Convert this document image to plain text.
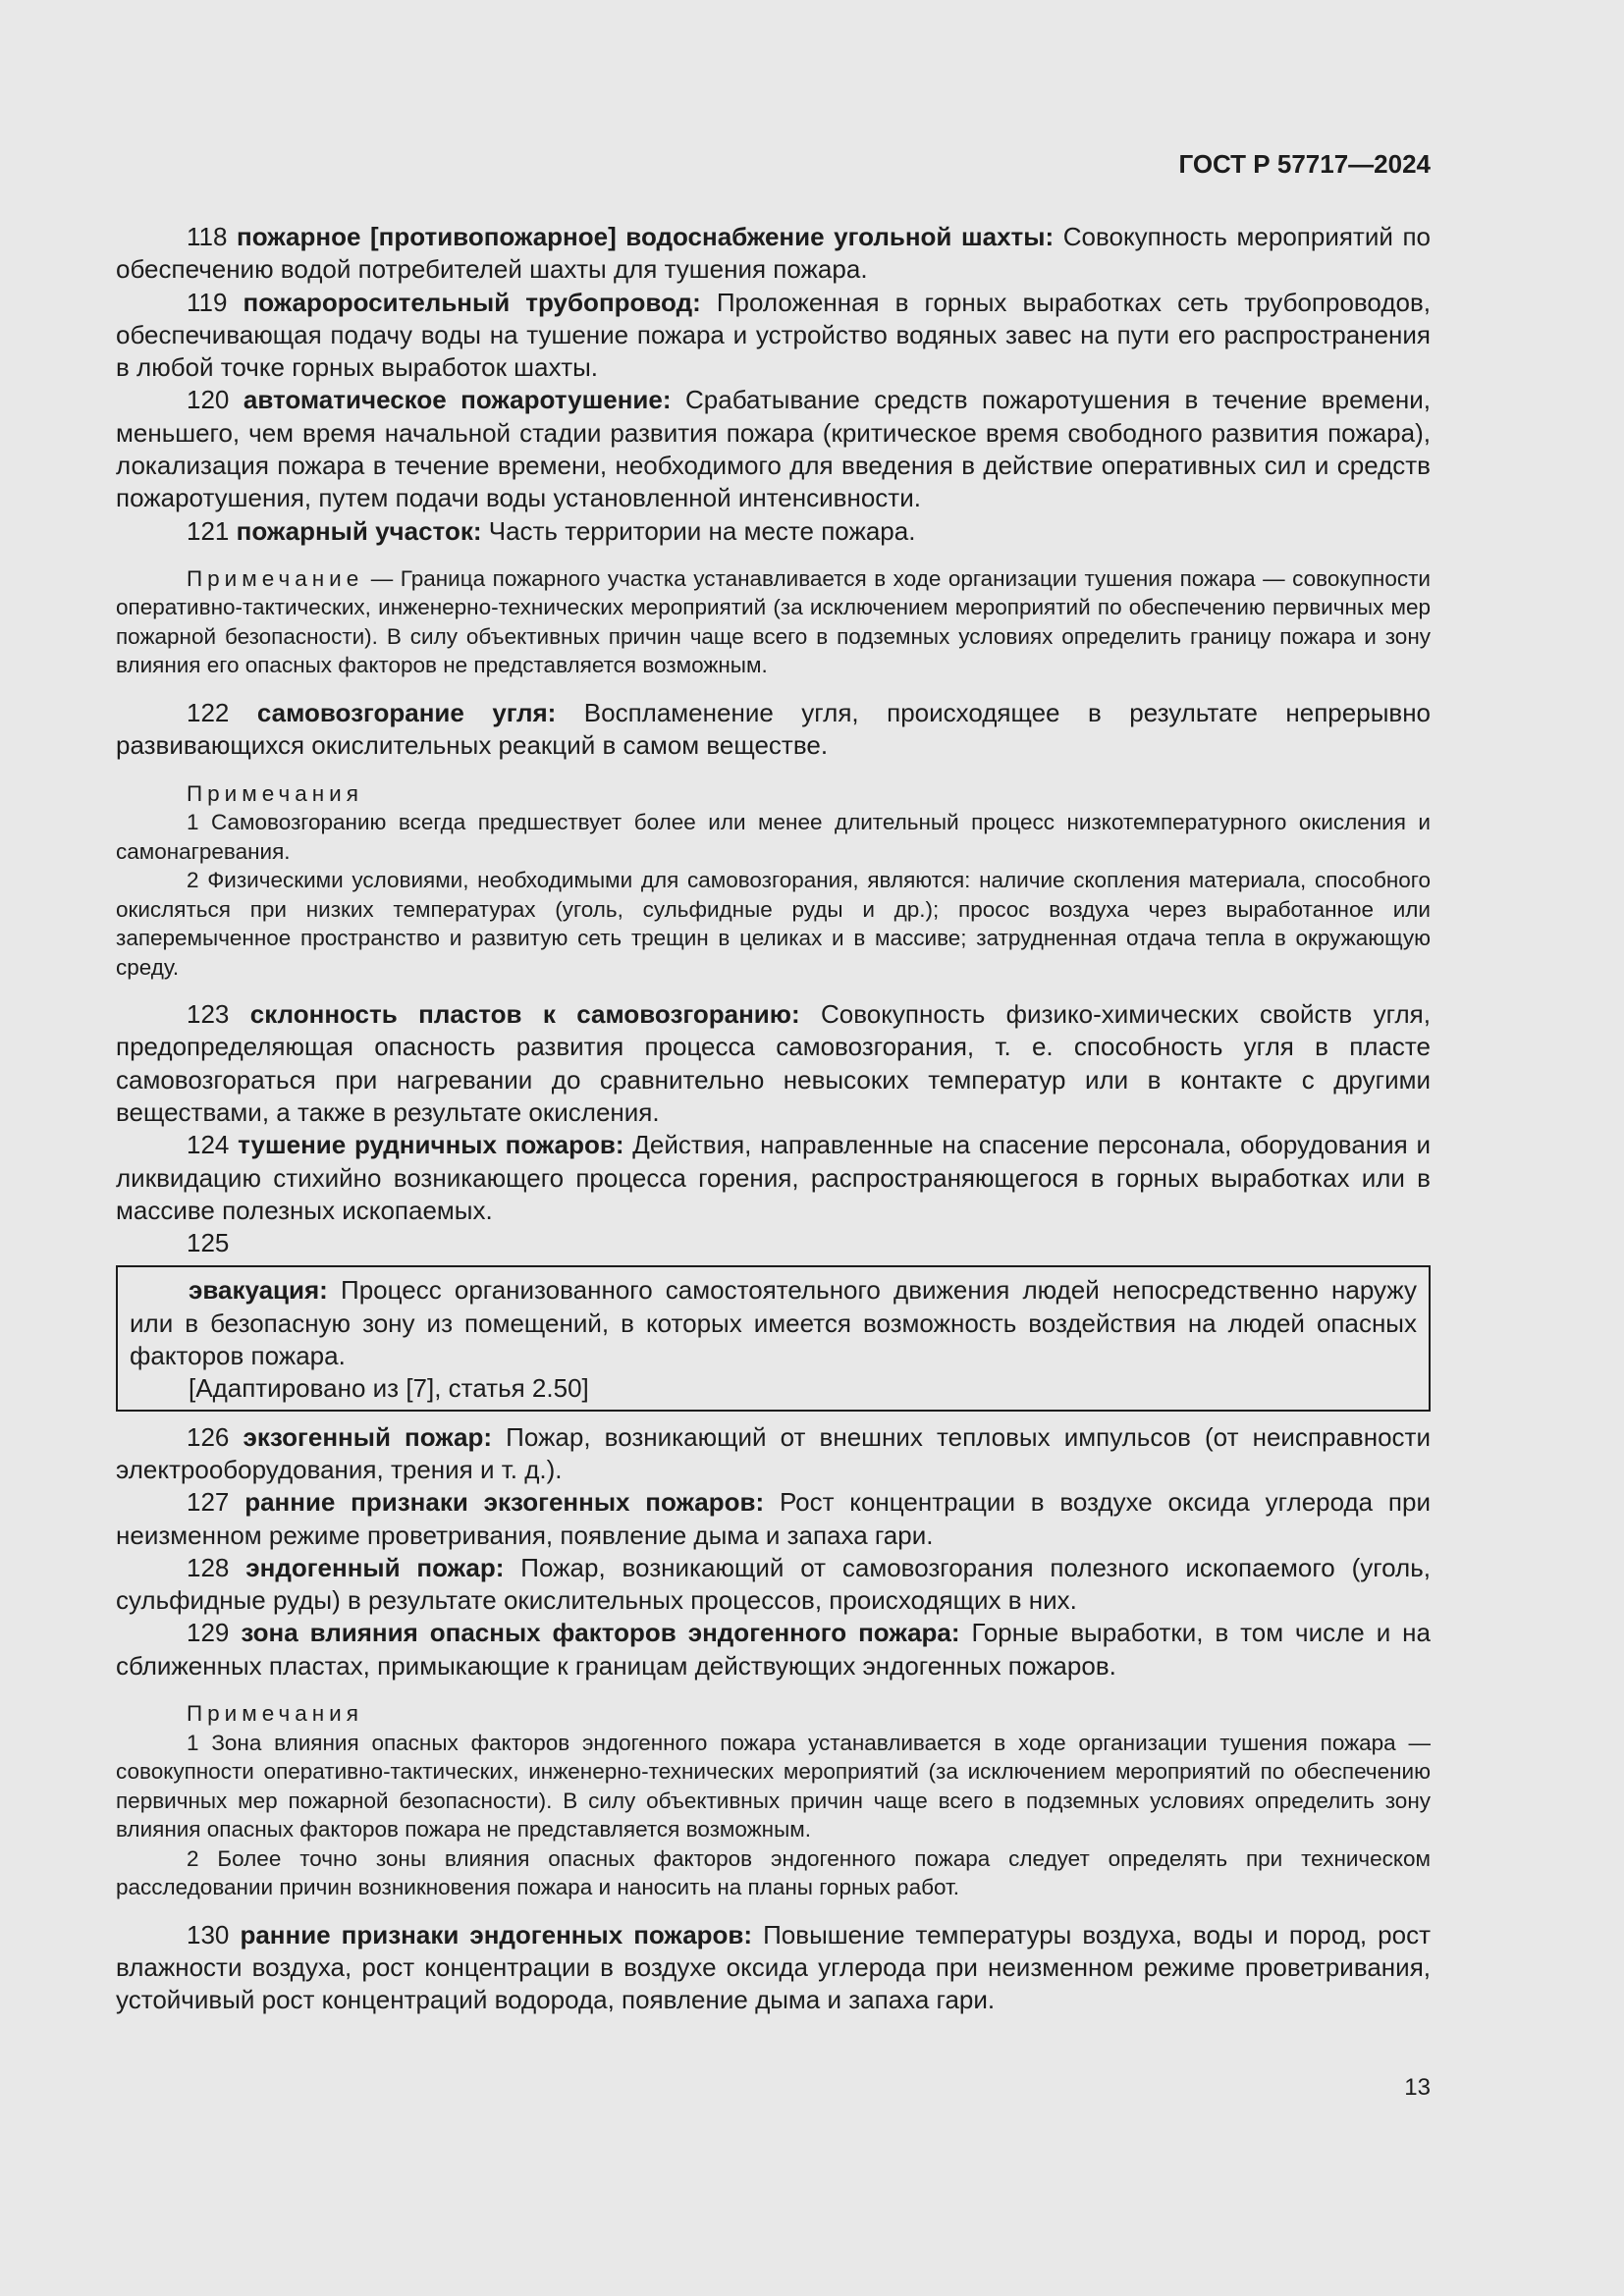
ГОСТ Р 57717—2024

118 пожарное [противопожарное] водоснабжение угольной шахты: Совокупность мероприятий по обеспечению водой потребителей шахты для тушения пожара.

119 пожароросительный трубопровод: Проложенная в горных выработках сеть трубопроводов, обеспечивающая подачу воды на тушение пожара и устройство водяных завес на пути его распространения в любой точке горных выработок шахты.

120 автоматическое пожаротушение: Срабатывание средств пожаротушения в течение времени, меньшего, чем время начальной стадии развития пожара (критическое время свободного развития пожара), локализация пожара в течение времени, необходимого для введения в действие оперативных сил и средств пожаротушения, путем подачи воды установленной интенсивности.

121 пожарный участок: Часть территории на месте пожара.

Примечание — Граница пожарного участка устанавливается в ходе организации тушения пожара — совокупности оперативно-тактических, инженерно-технических мероприятий (за исключением мероприятий по обеспечению первичных мер пожарной безопасности). В силу объективных причин чаще всего в подземных условиях определить границу пожара и зону влияния его опасных факторов не представляется возможным.

122 самовозгорание угля: Воспламенение угля, происходящее в результате непрерывно развивающихся окислительных реакций в самом веществе.

Примечания

1 Самовозгоранию всегда предшествует более или менее длительный процесс низкотемпературного окисления и самонагревания.

2 Физическими условиями, необходимыми для самовозгорания, являются: наличие скопления материала, способного окисляться при низких температурах (уголь, сульфидные руды и др.); просос воздуха через выработанное или заперемыченное пространство и развитую сеть трещин в целиках и в массиве; затрудненная отдача тепла в окружающую среду.

123 склонность пластов к самовозгоранию: Совокупность физико-химических свойств угля, предопределяющая опасность развития процесса самовозгорания, т. е. способность угля в пласте самовозгораться при нагревании до сравнительно невысоких температур или в контакте с другими веществами, а также в результате окисления.

124 тушение рудничных пожаров: Действия, направленные на спасение персонала, оборудования и ликвидацию стихийно возникающего процесса горения, распространяющегося в горных выработках или в массиве полезных ископаемых.

125

эвакуация: Процесс организованного самостоятельного движения людей непосредственно наружу или в безопасную зону из помещений, в которых имеется возможность воздействия на людей опасных факторов пожара.

[Адаптировано из [7], статья 2.50]

126 экзогенный пожар: Пожар, возникающий от внешних тепловых импульсов (от неисправности электрооборудования, трения и т. д.).

127 ранние признаки экзогенных пожаров: Рост концентрации в воздухе оксида углерода при неизменном режиме проветривания, появление дыма и запаха гари.

128 эндогенный пожар: Пожар, возникающий от самовозгорания полезного ископаемого (уголь, сульфидные руды) в результате окислительных процессов, происходящих в них.

129 зона влияния опасных факторов эндогенного пожара: Горные выработки, в том числе и на сближенных пластах, примыкающие к границам действующих эндогенных пожаров.

Примечания

1 Зона влияния опасных факторов эндогенного пожара устанавливается в ходе организации тушения пожара — совокупности оперативно-тактических, инженерно-технических мероприятий (за исключением мероприятий по обеспечению первичных мер пожарной безопасности). В силу объективных причин чаще всего в подземных условиях определить зону влияния опасных факторов пожара не представляется возможным.

2 Более точно зоны влияния опасных факторов эндогенного пожара следует определять при техническом расследовании причин возникновения пожара и наносить на планы горных работ.

130 ранние признаки эндогенных пожаров: Повышение температуры воздуха, воды и пород, рост влажности воздуха, рост концентрации в воздухе оксида углерода при неизменном режиме проветривания, устойчивый рост концентраций водорода, появление дыма и запаха гари.

13
